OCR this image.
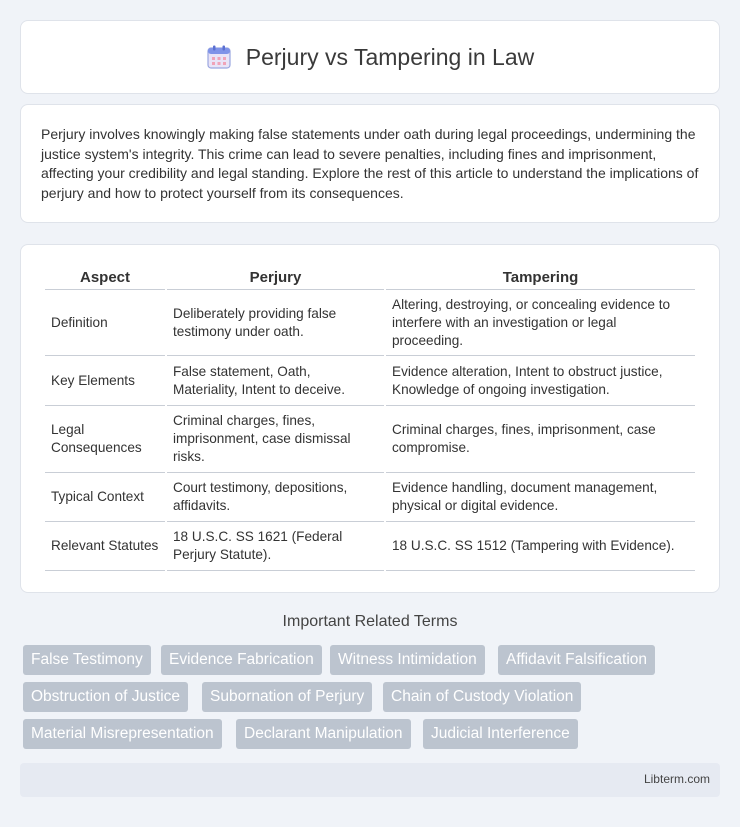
Perjury vs Tampering in Law

Perjury involves knowingly making false statements under oath during legal proceedings, undermining the justice system's integrity. This crime can lead to severe penalties, including fines and imprisonment, affecting your credibility and legal standing. Explore the rest of this article to understand the implications of perjury and how to protect yourself from its consequences.

Aspect	Perjury	Tampering
Definition	Deliberately providing false testimony under oath.	Altering, destroying, or concealing evidence to interfere with an investigation or legal proceeding.
Key Elements	False statement, Oath, Materiality, Intent to deceive.	Evidence alteration, Intent to obstruct justice, Knowledge of ongoing investigation.
Legal Consequences	Criminal charges, fines, imprisonment, case dismissal risks.	Criminal charges, fines, imprisonment, case compromise.
Typical Context	Court testimony, depositions, affidavits.	Evidence handling, document management, physical or digital evidence.
Relevant Statutes	18 U.S.C. SS 1621 (Federal Perjury Statute).	18 U.S.C. SS 1512 (Tampering with Evidence).
Important Related Terms
False Testimony	Evidence Fabrication	Witness Intimidation	Affidavit Falsification
Obstruction of Justice	Subornation of Perjury	Chain of Custody Violation
Material Misrepresentation	Declarant Manipulation	Judicial Interference
Libterm.com
